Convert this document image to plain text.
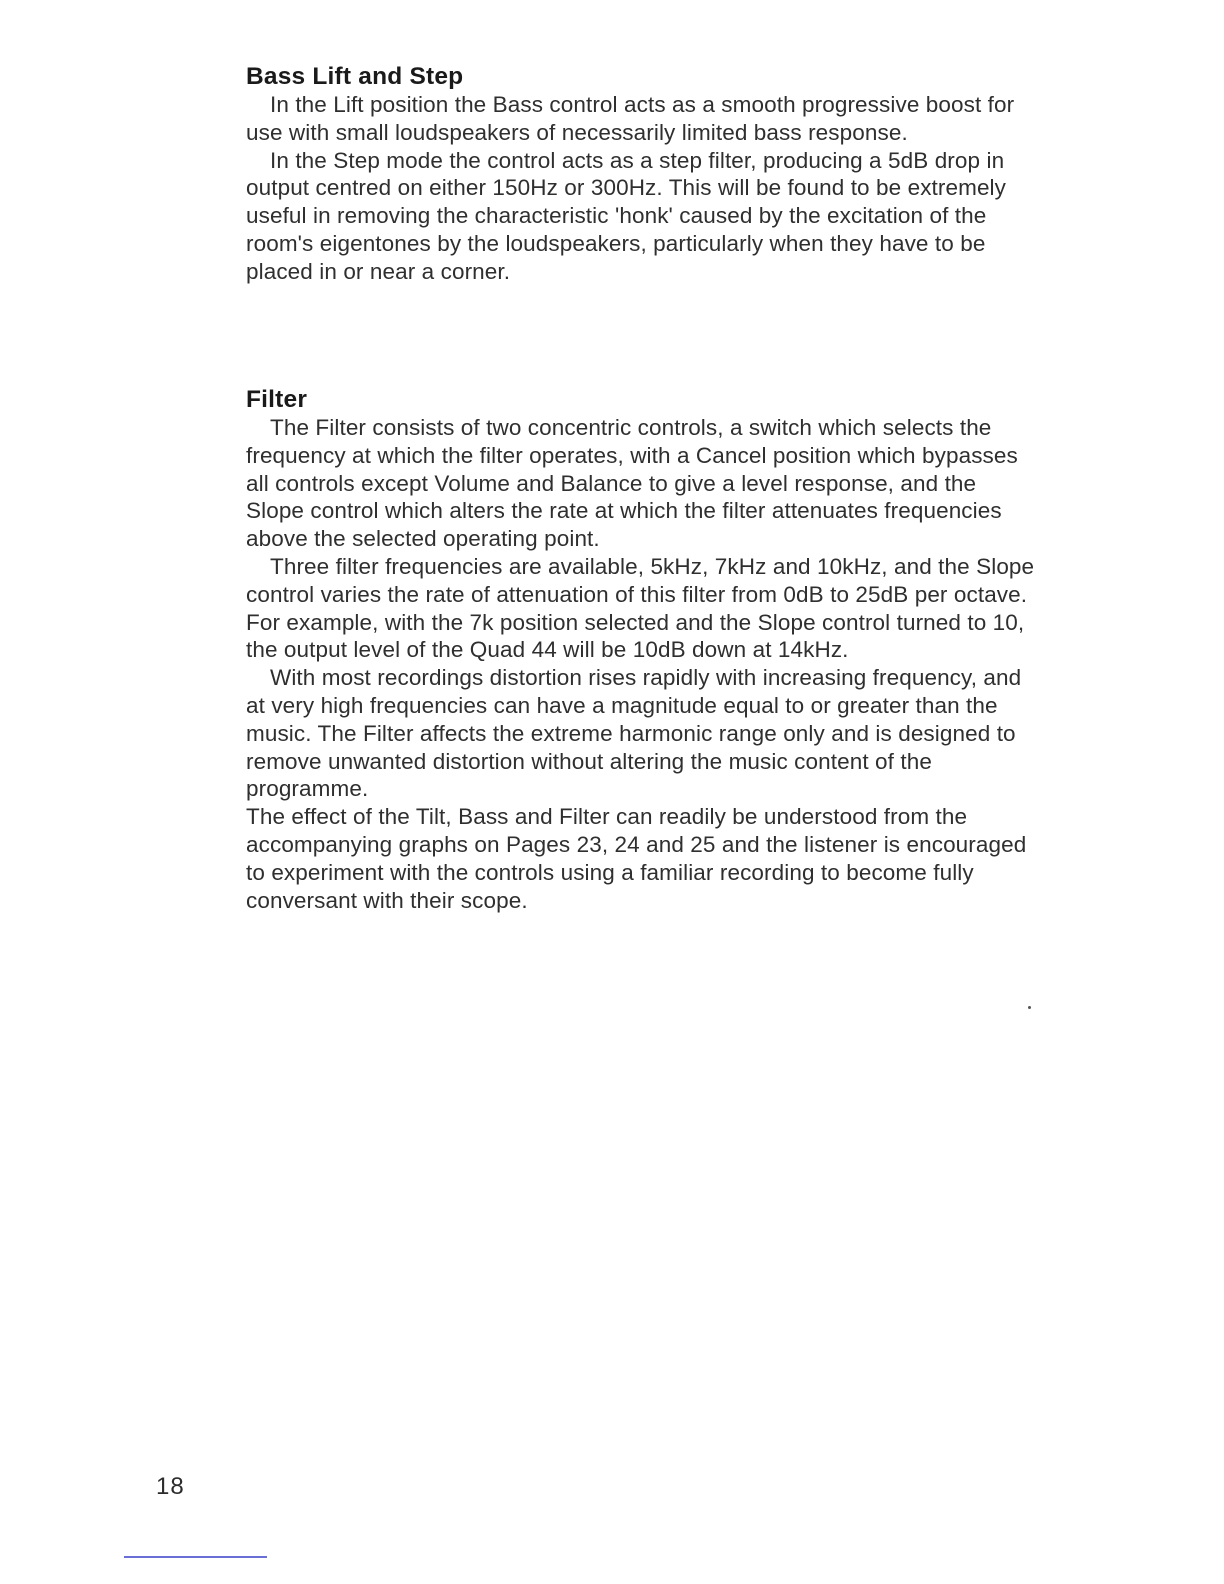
Bass Lift and Step

In the Lift position the Bass control acts as a smooth progressive boost for use with small loudspeakers of necessarily limited bass response.

In the Step mode the control acts as a step filter, producing a 5dB drop in output centred on either 150Hz or 300Hz. This will be found to be extremely useful in removing the characteristic 'honk' caused by the excitation of the room's eigentones by the loudspeakers, particularly when they have to be placed in or near a corner.

Filter

The Filter consists of two concentric controls, a switch which selects the frequency at which the filter operates, with a Cancel position which bypasses all controls except Volume and Balance to give a level response, and the Slope control which alters the rate at which the filter attenuates frequencies above the selected operating point.

Three filter frequencies are available, 5kHz, 7kHz and 10kHz, and the Slope control varies the rate of attenuation of this filter from 0dB to 25dB per octave.

For example, with the 7k position selected and the Slope control turned to 10, the output level of the Quad 44 will be 10dB down at 14kHz.

With most recordings distortion rises rapidly with increasing frequency, and at very high frequencies can have a magnitude equal to or greater than the music. The Filter affects the extreme harmonic range only and is designed to remove unwanted distortion without altering the music content of the programme.

The effect of the Tilt, Bass and Filter can readily be understood from the accompanying graphs on Pages 23, 24 and 25 and the listener is encouraged to experiment with the controls using a familiar recording to become fully conversant with their scope.

18
